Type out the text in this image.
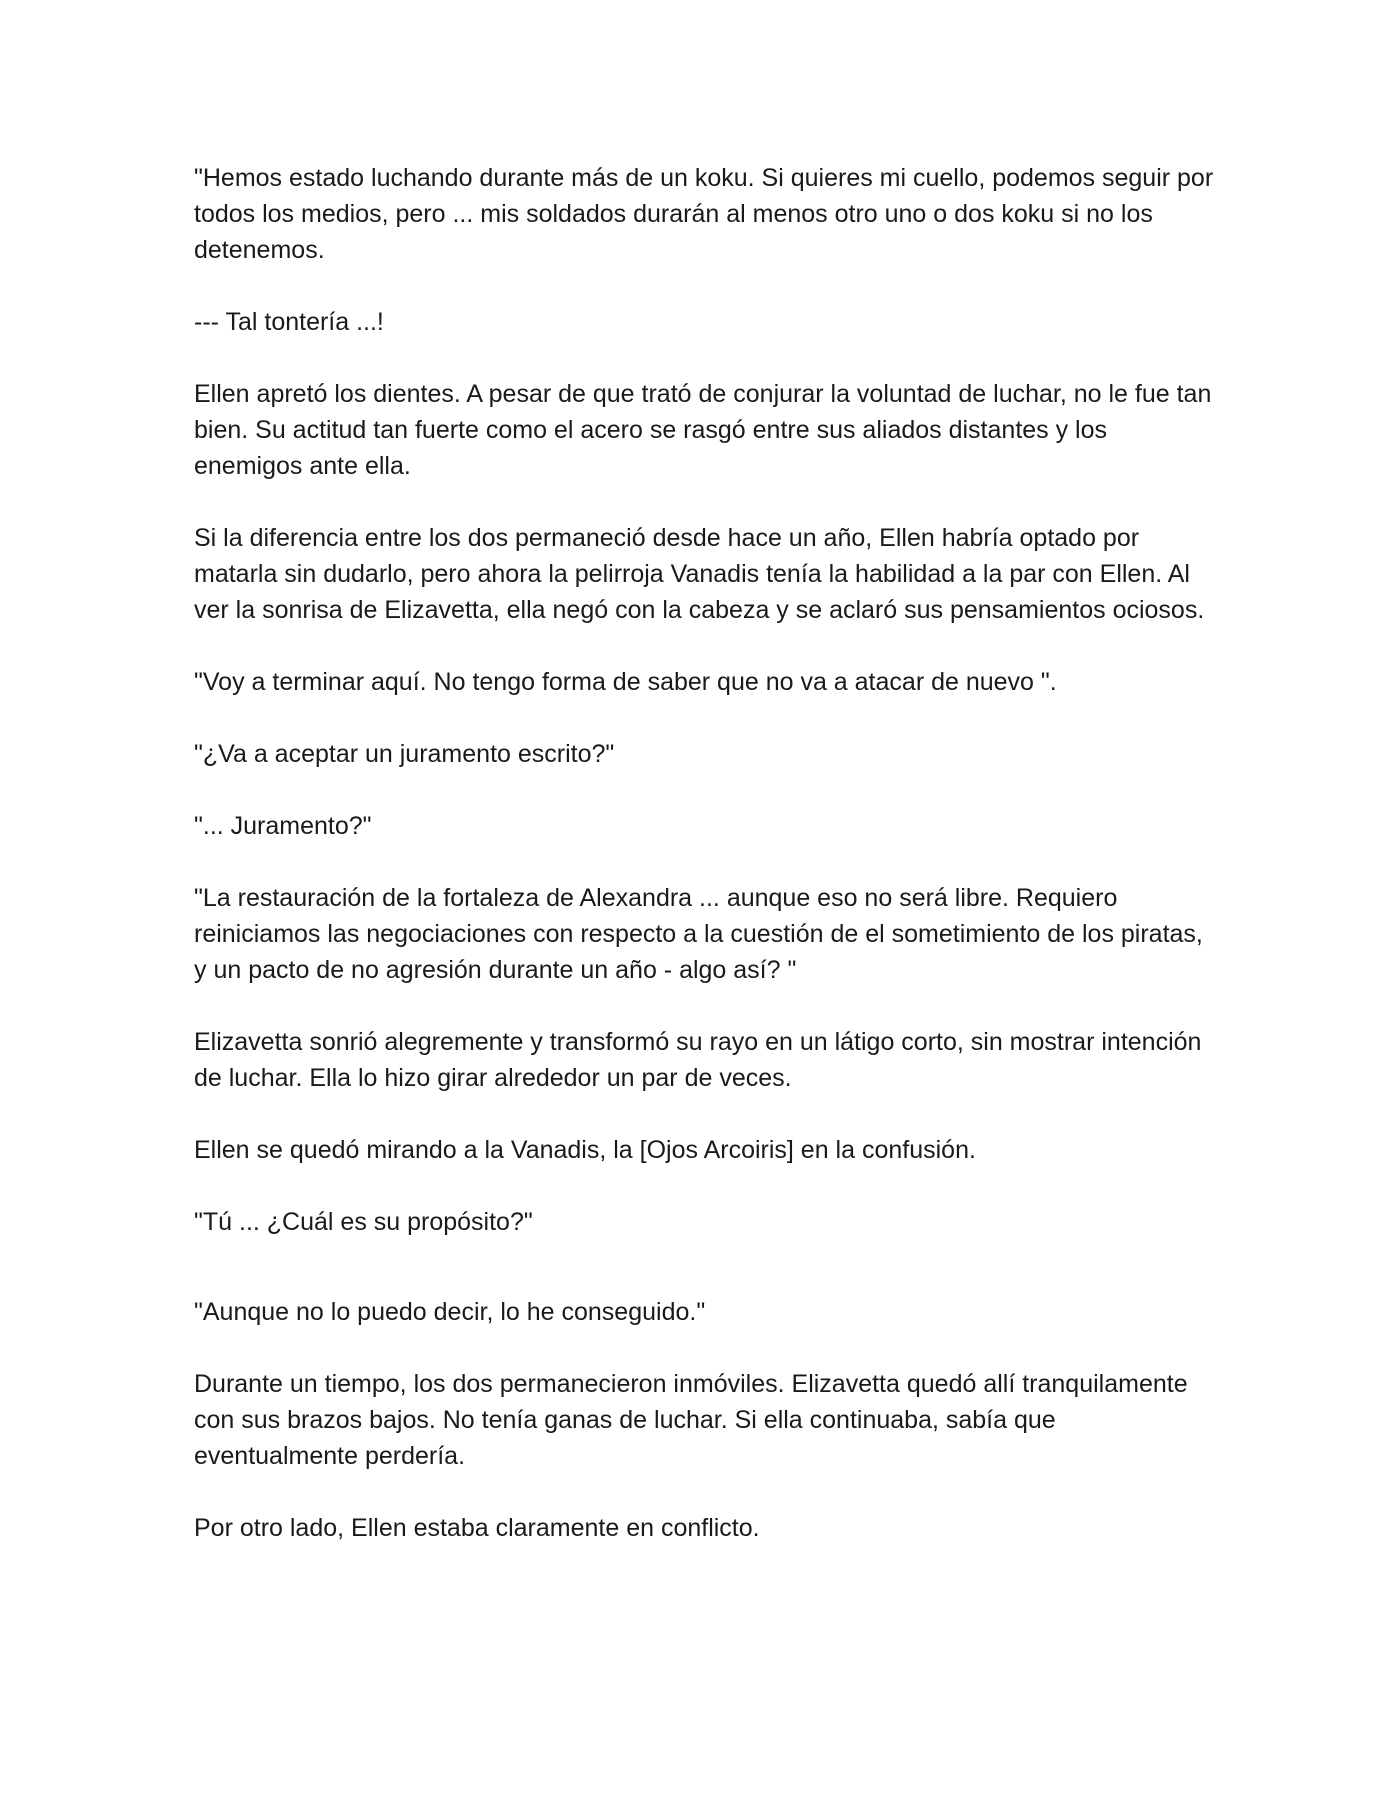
"Hemos estado luchando durante más de un koku. Si quieres mi cuello, podemos seguir por todos los medios, pero ... mis soldados durarán al menos otro uno o dos koku si no los detenemos.

--- Tal tontería ...!

Ellen apretó los dientes. A pesar de que trató de conjurar la voluntad de luchar, no le fue tan bien. Su actitud tan fuerte como el acero se rasgó entre sus aliados distantes y los enemigos ante ella.

Si la diferencia entre los dos permaneció desde hace un año, Ellen habría optado por matarla sin dudarlo, pero ahora la pelirroja Vanadis tenía la habilidad a la par con Ellen. Al ver la sonrisa de Elizavetta, ella negó con la cabeza y se aclaró sus pensamientos ociosos.

"Voy a terminar aquí. No tengo forma de saber que no va a atacar de nuevo ".

"¿Va a aceptar un juramento escrito?"

"... Juramento?"

"La restauración de la fortaleza de Alexandra ... aunque eso no será libre. Requiero reiniciamos las negociaciones con respecto a la cuestión de el sometimiento de los piratas, y un pacto de no agresión durante un año - algo así? "

Elizavetta sonrió alegremente y transformó su rayo en un látigo corto, sin mostrar intención de luchar. Ella lo hizo girar alrededor un par de veces.

Ellen se quedó mirando a la Vanadis, la [Ojos Arcoiris] en la confusión.

"Tú ... ¿Cuál es su propósito?"

"Aunque no lo puedo decir, lo he conseguido."

Durante un tiempo, los dos permanecieron inmóviles. Elizavetta quedó allí tranquilamente con sus brazos bajos. No tenía ganas de luchar. Si ella continuaba, sabía que eventualmente perdería.

Por otro lado, Ellen estaba claramente en conflicto.
